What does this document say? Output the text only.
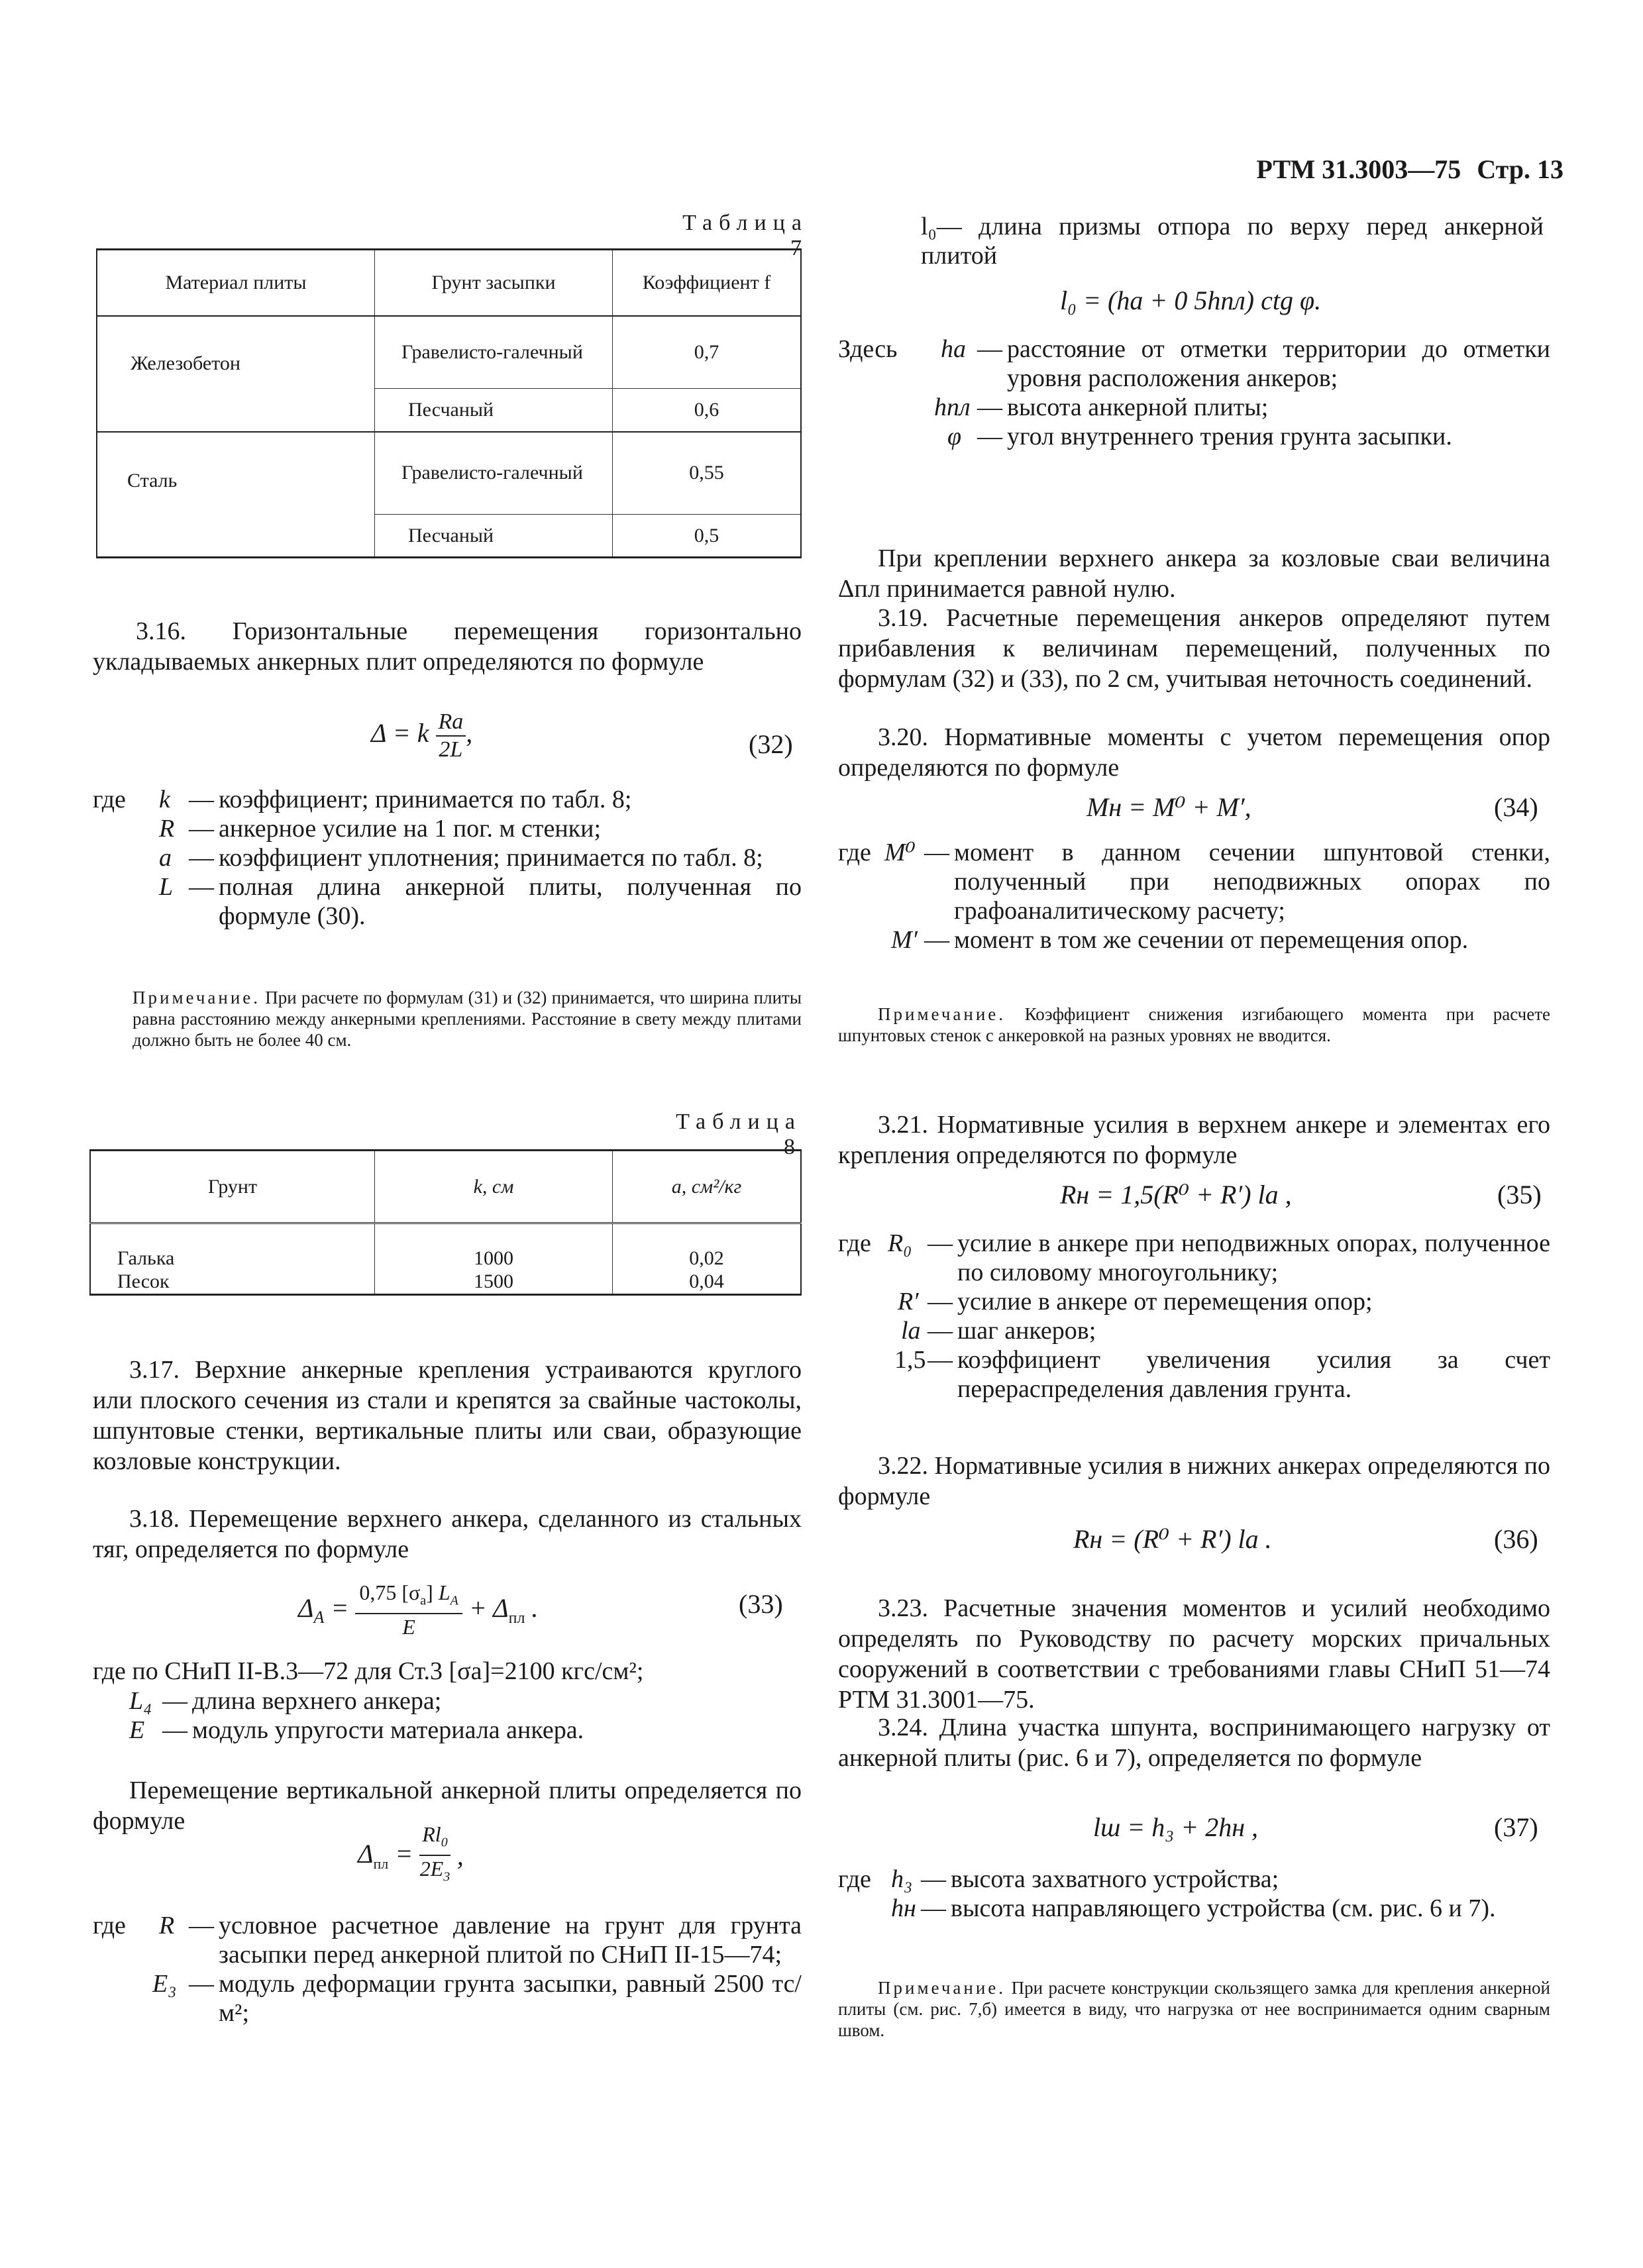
РТМ 31.3003—75 Стр. 13
Таблица 7
Материал плиты	Грунт засыпки	Коэффициент f
Железобетон	Гравелисто-галечный	0,7
	Песчаный	0,6
Сталь	Гравелисто-галечный	0,55
	Песчаный	0,5
3.16. Горизонтальные перемещения горизонтально укладываемых анкерных плит определяются по формуле
Δ = k $\frac{Ra}{2L}$ ,	(32)
где	k — коэффициент; принимается по табл. 8;
R — анкерное усилие на 1 пог. м стенки;
a — коэффициент уплотнения; принимается по табл. 8;
L — полная длина анкерной плиты, полученная по формуле (30).
Примечание. При расчете по формулам (31) и (32) принимается, что ширина плиты равна расстоянию между анкерными креплениями. Расстояние в свету между плитами должно быть не более 40 см.
Таблица 8
Грунт	k, см	a, см²/кг
Галька	1000	0,02
Песок	1500	0,04
3.17. Верхние анкерные крепления устраиваются круглого или плоского сечения из стали и крепятся за свайные частоколы, шпунтовые стенки, вертикальные плиты или сваи, образующие козловые конструкции.
3.18. Перемещение верхнего анкера, сделанного из стальных тяг, определяется по формуле
$\Delta_A = \frac{0,75 [\sigma_a] L_A}{E} + \Delta_{пл}$ .	(33)
где по СНиП II-В.3—72 для Ст.3 [σа]=2100 кгс/см²;
L₄ — длина верхнего анкера;
E — модуль упругости материала анкера.
Перемещение вертикальной анкерной плиты определяется по формуле
$\Delta_{пл} = \frac{Rl_0}{2E_3}$ ,
где	R — условное расчетное давление на грунт для грунта засыпки перед анкерной плитой по СНиП II-15—74;
E₃ — модуль деформации грунта засыпки, равный 2500 тс/м²;
l₀— длина призмы отпора по верху перед анкерной плитой
l₀ = (hа + 0 5hпл) ctg φ.
Здесь	hа — расстояние от отметки территории до отметки уровня расположения анкеров;
hпл — высота анкерной плиты;
φ — угол внутреннего трения грунта засыпки.
При креплении верхнего анкера за козловые сваи величина Δпл принимается равной нулю.
3.19. Расчетные перемещения анкеров определяют путем прибавления к величинам перемещений, полученных по формулам (32) и (33), по 2 см, учитывая неточность соединений.
3.20. Нормативные моменты с учетом перемещения опор определяются по формуле
Mн = M⁰ + M′,	(34)
где M⁰ — момент в данном сечении шпунтовой стенки, полученный при неподвижных опорах по графоаналитическому расчету;
M′ — момент в том же сечении от перемещения опор.
Примечание. Коэффициент снижения изгибающего момента при расчете шпунтовых стенок с анкеровкой на разных уровнях не вводится.
3.21. Нормативные усилия в верхнем анкере и элементах его крепления определяются по формуле
Rн = 1,5(R⁰ + R′) lа ,	(35)
где R₀ — усилие в анкере при неподвижных опорах, полученное по силовому многоугольнику;
R′ — усилие в анкере от перемещения опор;
lа — шаг анкеров;
1,5 — коэффициент увеличения усилия за счет перераспределения давления грунта.
3.22. Нормативные усилия в нижних анкерах определяются по формуле
Rн = (R⁰ + R′) lа .	(36)
3.23. Расчетные значения моментов и усилий необходимо определять по Руководству по расчету морских причальных сооружений в соответствии с требованиями главы СНиП 51—74 РТМ 31.3001—75.
3.24. Длина участка шпунта, воспринимающего нагрузку от анкерной плиты (рис. 6 и 7), определяется по формуле
lш = h₃ + 2hн ,	(37)
где h₃ — высота захватного устройства;
hн — высота направляющего устройства (см. рис. 6 и 7).
Примечание. При расчете конструкции скользящего замка для крепления анкерной плиты (см. рис. 7,б) имеется в виду, что нагрузка от нее воспринимается одним сварным швом.
